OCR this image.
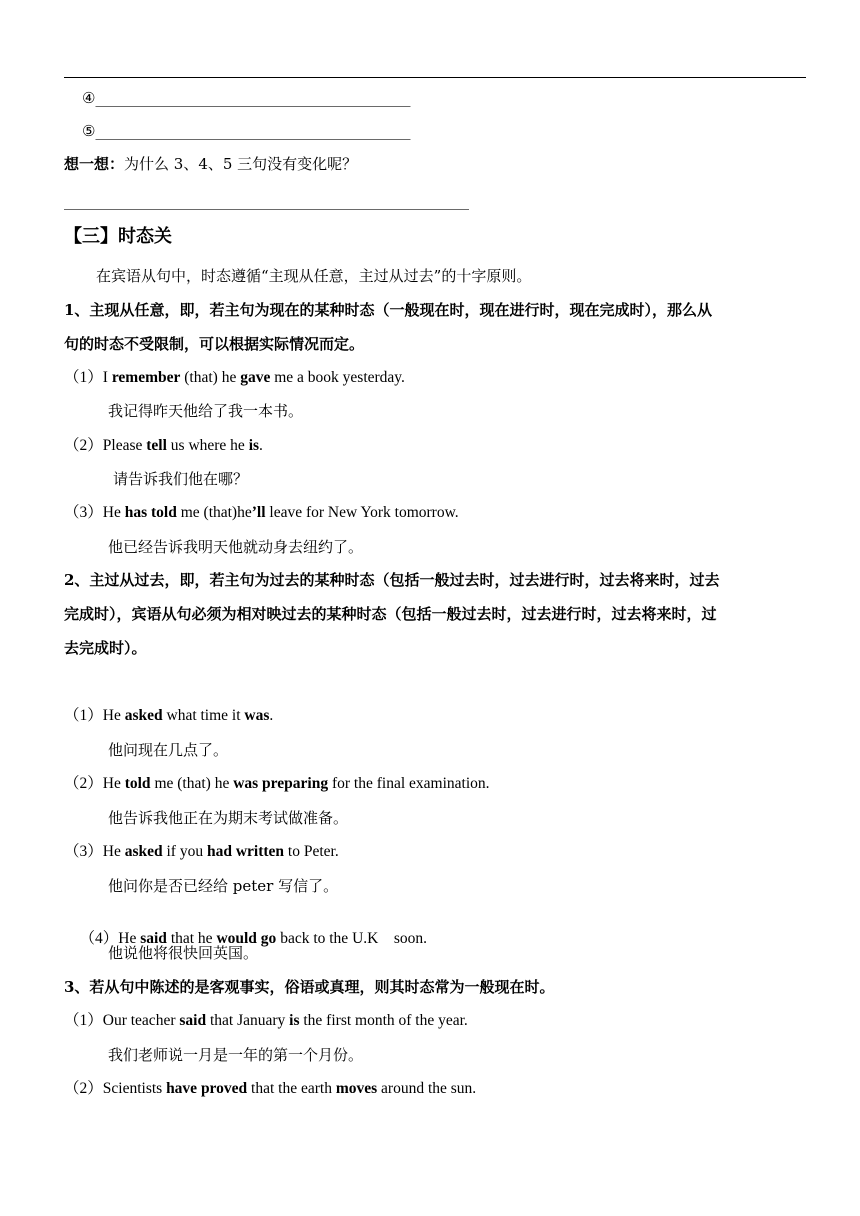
④__________________________________________
⑤__________________________________________
想一想：为什么 3、4、5 三句没有变化呢？
______________________________________________________
【三】时态关
在宾语从句中，时态遵循“主现从任意，主过从过去”的十字原则。
1、主现从任意，即，若主句为现在的某种时态（一般现在时，现在进行时，现在完成时），那么从
句的时态不受限制，可以根据实际情况而定。
（1）I remember (that) he gave me a book yesterday.
我记得昨天他给了我一本书。
（2）Please tell us where he is.
请告诉我们他在哪？
（3）He has told me (that)he’ll leave for New York tomorrow.
他已经告诉我明天他就动身去纽约了。
2、主过从过去，即，若主句为过去的某种时态（包括一般过去时，过去进行时，过去将来时，过去
完成时），宾语从句必须为相对映过去的某种时态（包括一般过去时，过去进行时，过去将来时，过
去完成时）。
（1）He asked what time it was.
他问现在几点了。
（2）He told me (that) he was preparing for the final examination.
他告诉我他正在为期末考试做准备。
（3）He asked if you had written to Peter.
他问你是否已经给 peter 写信了。

（4）He said that he would go back to the U.K    soon.

他说他将很快回英国。
3、若从句中陈述的是客观事实，俗语或真理，则其时态常为一般现在时。
（1）Our teacher said that January is the first month of the year.
我们老师说一月是一年的第一个月份。
（2）Scientists have proved that the earth moves around the sun.
